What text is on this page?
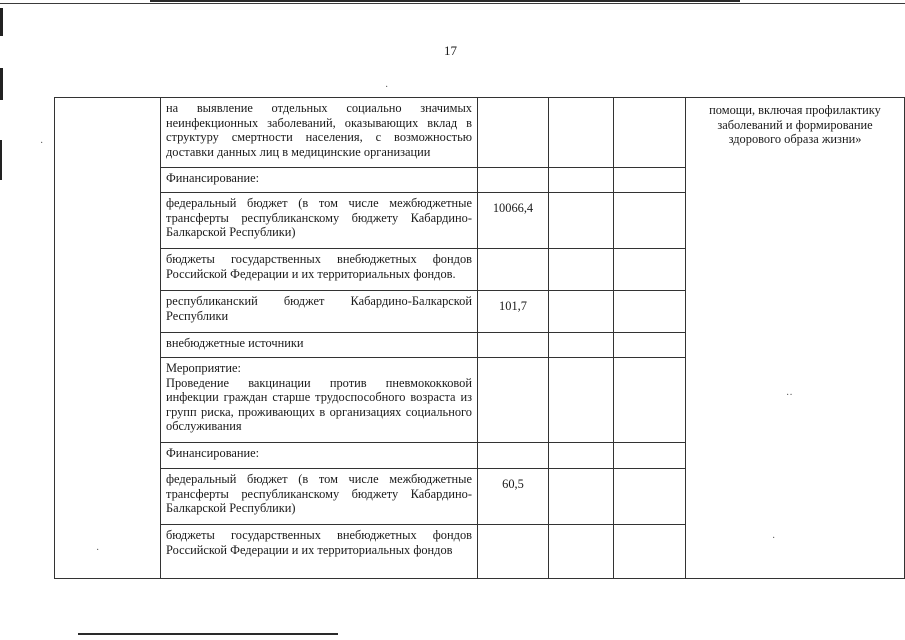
17

	на выявление отдельных социально значимых неинфекционных заболеваний, оказывающих вклад в структуру смертности населения, с возможностью доставки данных лиц в медицинские организации				помощи, включая профилактику заболеваний и формирование здорового образа жизни»

	Финансирование:				

	федеральный бюджет (в том числе межбюджетные трансферты республиканскому бюджету Кабардино-Балкарской Республики)	10066,4			

	бюджеты государственных внебюджетных фондов Российской Федерации и их территориальных фондов.				

	республиканский бюджет Кабардино-Балкарской Республики	101,7			

	внебюджетные источники				

	Мероприятие:
Проведение вакцинации против пневмококковой инфекции граждан старше трудоспособного возраста из групп риска, проживающих в организациях социального обслуживания				

	Финансирование:				

	федеральный бюджет (в том числе межбюджетные трансферты республиканскому бюджету Кабардино-Балкарской Республики)	60,5			

	бюджеты государственных внебюджетных фондов Российской Федерации и их территориальных фондов				

·
·
··
·
·
